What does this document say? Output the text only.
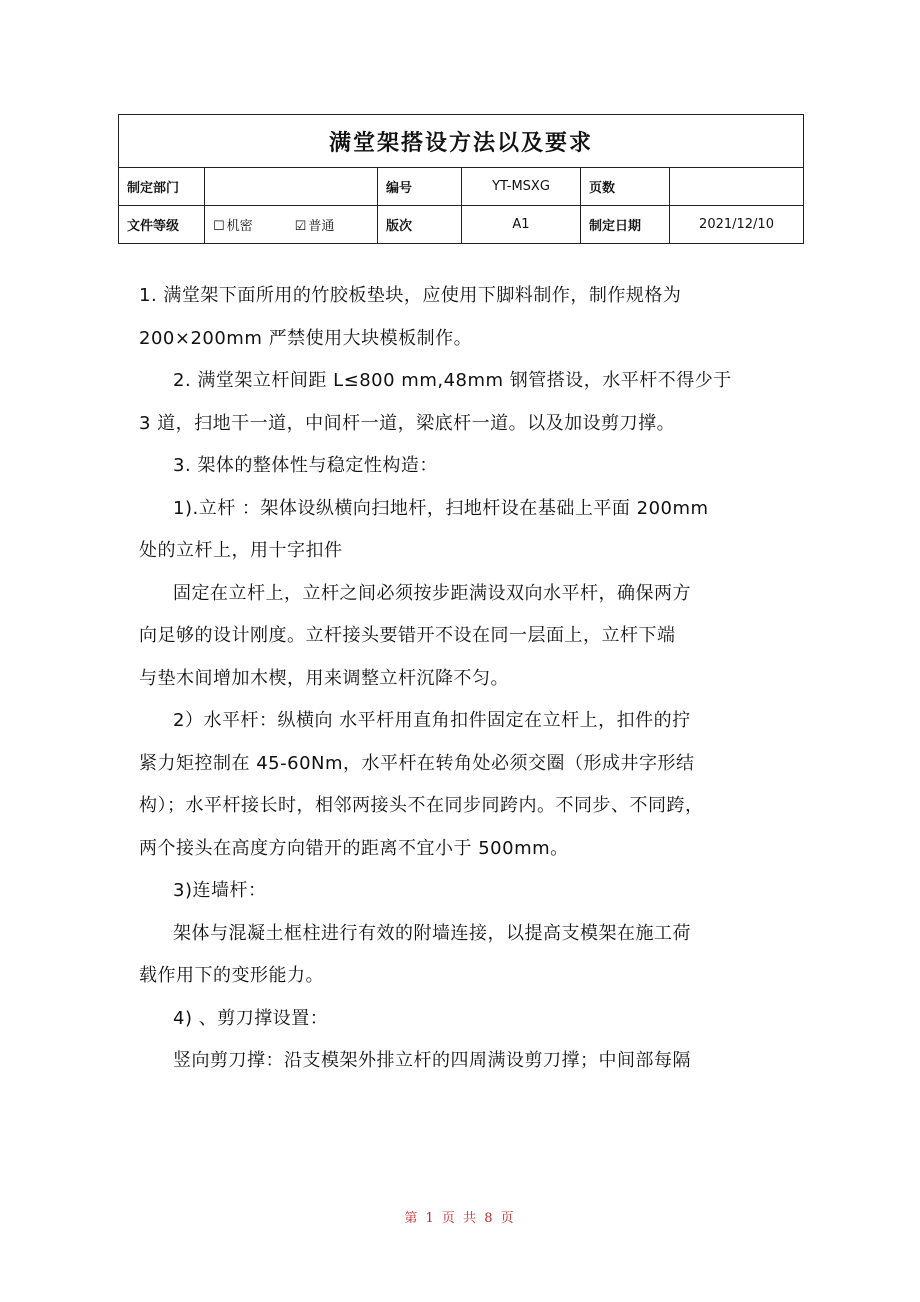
满堂架搭设方法以及要求					
制定部门		编号	YT-MSXG	页数	
文件等级	☐ 机密 ☑ 普通	版次	A1	制定日期	2021/12/10

1. 满堂架下面所用的竹胶板垫块，应使用下脚料制作，制作规格为

200×200mm 严禁使用大块模板制作。

2. 满堂架立杆间距 L≤800 mm,48mm 钢管搭设，水平杆不得少于

3 道，扫地干一道，中间杆一道，梁底杆一道。以及加设剪刀撑。

3. 架体的整体性与稳定性构造：

1).立杆 ：架体设纵横向扫地杆，扫地杆设在基础上平面 200mm

处的立杆上，用十字扣件

固定在立杆上，立杆之间必须按步距满设双向水平杆，确保两方

向足够的设计刚度。立杆接头要错开不设在同一层面上，立杆下端

与垫木间增加木楔，用来调整立杆沉降不匀。

2）水平杆：纵横向 水平杆用直角扣件固定在立杆上，扣件的拧

紧力矩控制在 45-60Nm，水平杆在转角处必须交圈（形成井字形结

构）；水平杆接长时，相邻两接头不在同步同跨内。不同步、不同跨，

两个接头在高度方向错开的距离不宜小于 500mm。

3)连墙杆：

架体与混凝土框柱进行有效的附墙连接，以提高支模架在施工荷

载作用下的变形能力。

4) 、剪刀撑设置：

竖向剪刀撑：沿支模架外排立杆的四周满设剪刀撑；中间部每隔

第 1 页 共 8 页
